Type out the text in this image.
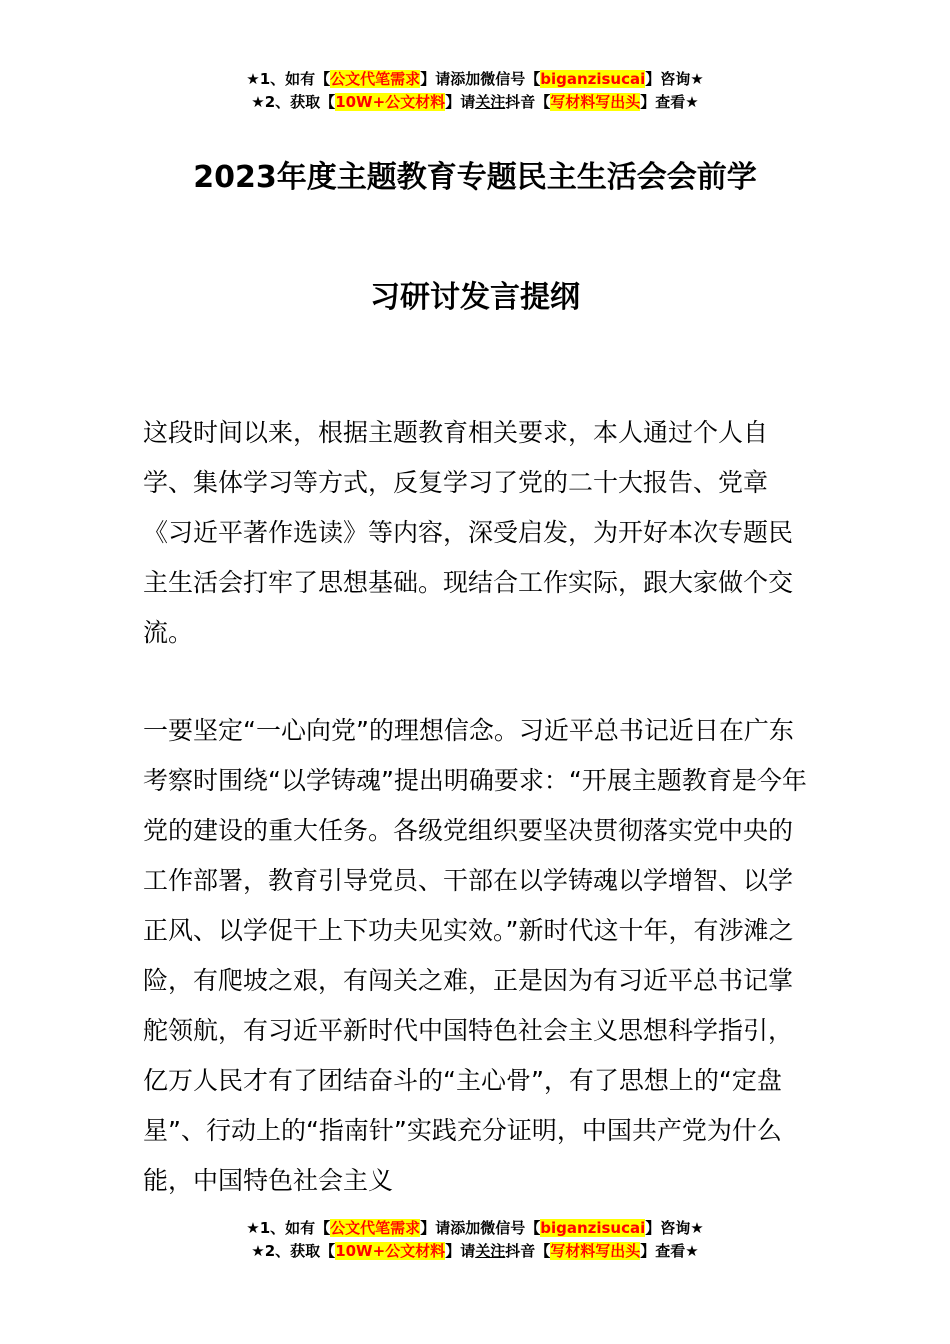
★1、如有【公文代笔需求】请添加微信号【biganzisucai】咨询★
★2、获取【10W+公文材料】请关注抖音【写材料写出头】查看★
2023年度主题教育专题民主生活会会前学
习研讨发言提纲

这段时间以来，根据主题教育相关要求，本人通过个人自学、集体学习等方式，反复学习了党的二十大报告、党章《习近平著作选读》等内容，深受启发，为开好本次专题民主生活会打牢了思想基础。现结合工作实际，跟大家做个交流。

一要坚定“一心向党”的理想信念。习近平总书记近日在广东考察时围绕“以学铸魂”提出明确要求：“开展主题教育是今年党的建设的重大任务。各级党组织要坚决贯彻落实党中央的工作部署，教育引导党员、干部在以学铸魂以学增智、以学正风、以学促干上下功夫见实效。”新时代这十年，有涉滩之险，有爬坡之艰，有闯关之难，正是因为有习近平总书记掌舵领航，有习近平新时代中国特色社会主义思想科学指引，亿万人民才有了团结奋斗的“主心骨”，有了思想上的“定盘星”、行动上的“指南针”实践充分证明，中国共产党为什么能，中国特色社会主义

★1、如有【公文代笔需求】请添加微信号【biganzisucai】咨询★
★2、获取【10W+公文材料】请关注抖音【写材料写出头】查看★
